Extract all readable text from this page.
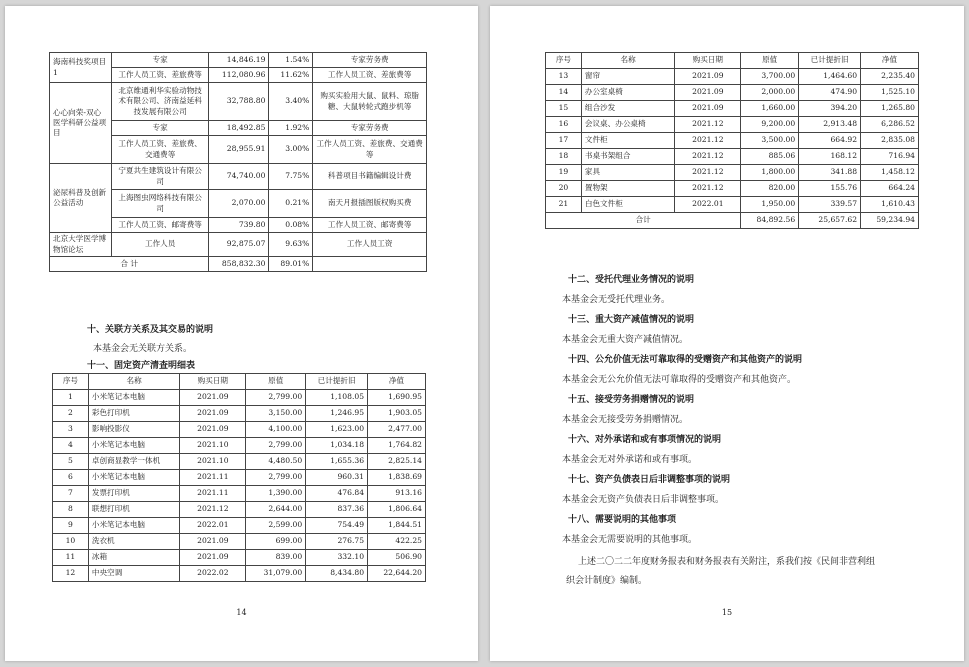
海南科技奖项目1	专家	14,846.19	1.54%	专家劳务费
	工作人员工资、差旅费等	112,080.96	11.62%	工作人员工资、差旅费等
心心向荣-双心医学科研公益项目	北京维通利华实验动物技术有限公司、济南益延科技发展有限公司	32,788.80	3.40%	购买实验用大鼠、鼠料、琼脂糖、大鼠转轮式跑步机等
	专家	18,492.85	1.92%	专家劳务费
	工作人员工资、差旅费、交通费等	28,955.91	3.00%	工作人员工资、差旅费、交通费等
泌尿科普及创新公益活动	宁夏共生建筑设计有限公司	74,740.00	7.75%	科普项目书籍编辑设计费
	上海图虫网络科技有限公司	2,070.00	0.21%	南天月报插图版权购买费
	工作人员工资、邮寄费等	739.80	0.08%	工作人员工资、邮寄费等
北京大学医学博物馆论坛	工作人员	92,875.07	9.63%	工作人员工资
合 计		858,832.30	89.01%	
十、关联方关系及其交易的说明
本基金会无关联方关系。
十一、固定资产清查明细表
序号	名称	购买日期	原值	已计提折旧	净值
1	小米笔记本电脑	2021.09	2,799.00	1,108.05	1,690.95
2	彩色打印机	2021.09	3,150.00	1,246.95	1,903.05
3	影响投影仪	2021.09	4,100.00	1,623.00	2,477.00
4	小米笔记本电脑	2021.10	2,799.00	1,034.18	1,764.82
5	卓创商显教学一体机	2021.10	4,480.50	1,655.36	2,825.14
6	小米笔记本电脑	2021.11	2,799.00	960.31	1,838.69
7	发票打印机	2021.11	1,390.00	476.84	913.16
8	联想打印机	2021.12	2,644.00	837.36	1,806.64
9	小米笔记本电脑	2022.01	2,599.00	754.49	1,844.51
10	洗衣机	2021.09	699.00	276.75	422.25
11	冰箱	2021.09	839.00	332.10	506.90
12	中央空调	2022.02	31,079.00	8,434.80	22,644.20
14
序号	名称	购买日期	原值	已计提折旧	净值
13	窗帘	2021.09	3,700.00	1,464.60	2,235.40
14	办公室桌椅	2021.09	2,000.00	474.90	1,525.10
15	组合沙发	2021.09	1,660.00	394.20	1,265.80
16	会议桌、办公桌椅	2021.12	9,200.00	2,913.48	6,286.52
17	文件柜	2021.12	3,500.00	664.92	2,835.08
18	书桌书架组合	2021.12	885.06	168.12	716.94
19	家具	2021.12	1,800.00	341.88	1,458.12
20	置物架	2021.12	820.00	155.76	664.24
21	白色文件柜	2022.01	1,950.00	339.57	1,610.43
合计			84,892.56	25,657.62	59,234.94
十二、受托代理业务情况的说明
本基金会无受托代理业务。
十三、重大资产减值情况的说明
本基金会无重大资产减值情况。
十四、公允价值无法可靠取得的受赠资产和其他资产的说明
本基金会无公允价值无法可靠取得的受赠资产和其他资产。
十五、接受劳务捐赠情况的说明
本基金会无接受劳务捐赠情况。
十六、对外承诺和或有事项情况的说明
本基金会无对外承诺和或有事项。
十七、资产负债表日后非调整事项的说明
本基金会无资产负债表日后非调整事项。
十八、需要说明的其他事项
本基金会无需要说明的其他事项。
上述二〇二二年度财务报表和财务报表有关附注，系我们按《民间非营利组
织会计制度》编制。
15
